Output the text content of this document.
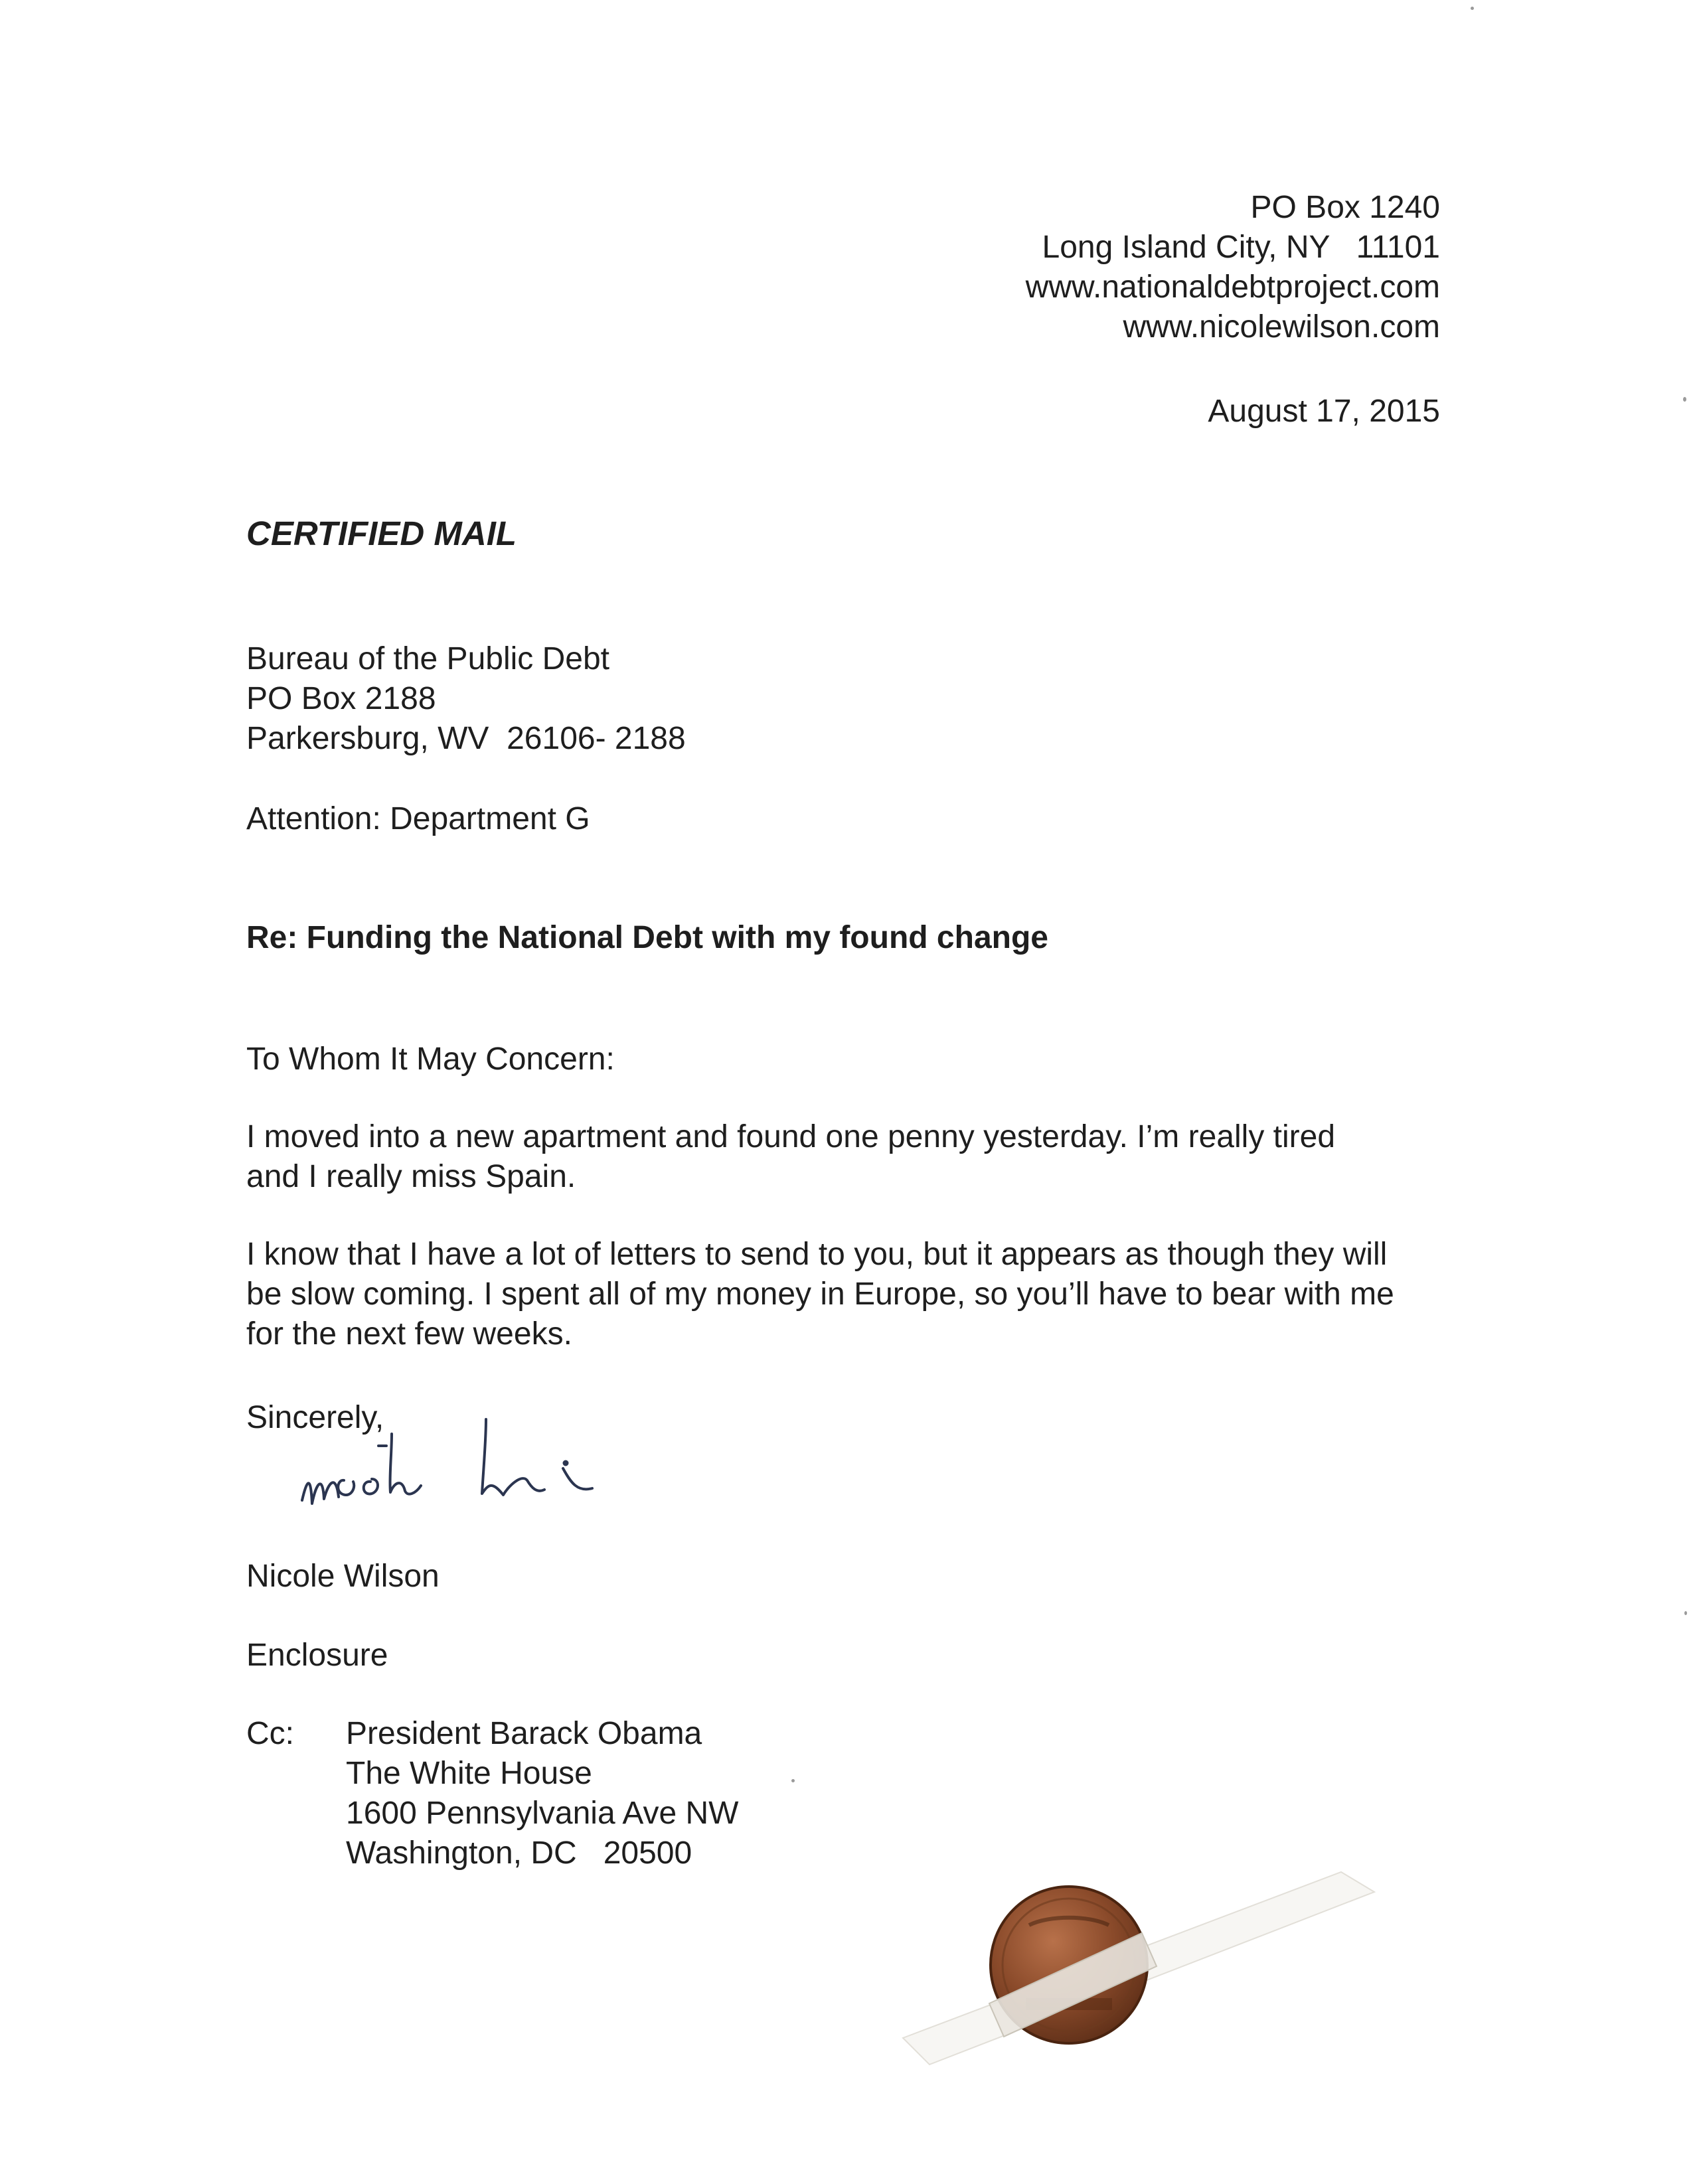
PO Box 1240

Long Island City, NY   11101

www.nationaldebtproject.com

www.nicolewilson.com

August 17, 2015

CERTIFIED MAIL

Bureau of the Public Debt

PO Box 2188

Parkersburg, WV  26106- 2188

Attention: Department G

Re: Funding the National Debt with my found change

To Whom It May Concern:

I moved into a new apartment and found one penny yesterday. I’m really tired

and I really miss Spain.

I know that I have a lot of letters to send to you, but it appears as though they will

be slow coming. I spent all of my money in Europe, so you’ll have to bear with me

for the next few weeks.

Sincerely,

Nicole Wilson

Enclosure

Cc:	President Barack Obama

The White House

1600 Pennsylvania Ave NW

Washington, DC   20500
